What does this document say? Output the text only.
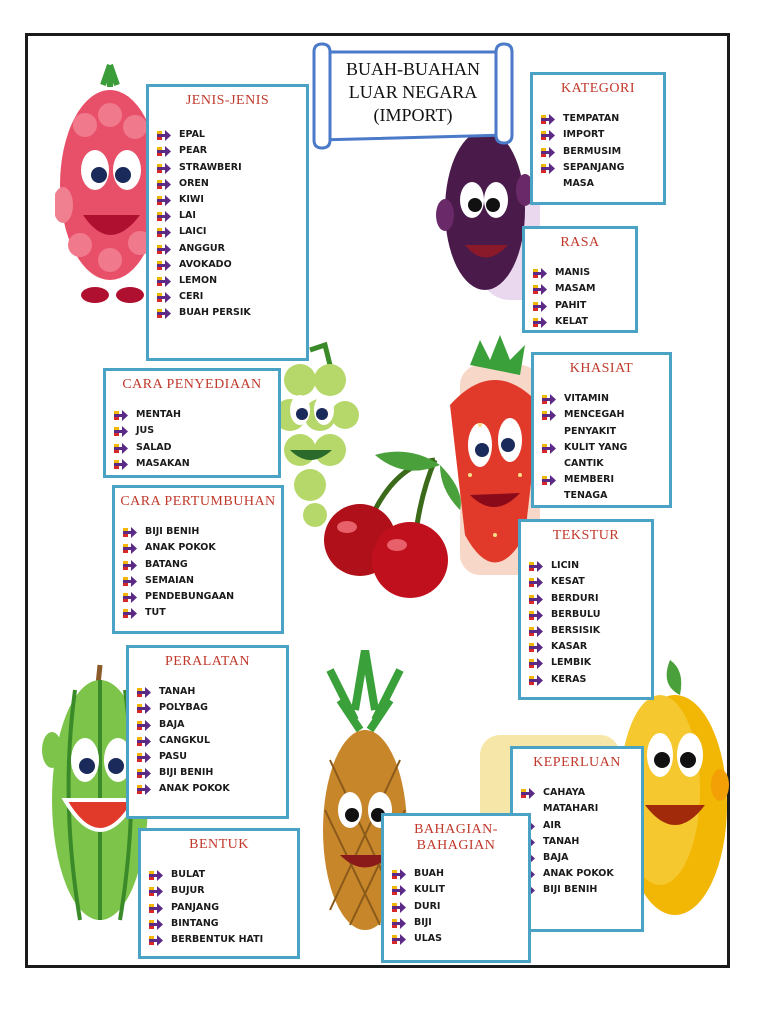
BUAH-BUAHAN
LUAR NEGARA
(IMPORT)
JENIS-JENIS
EPAL
PEAR
STRAWBERI
OREN
KIWI
LAI
LAICI
ANGGUR
AVOKADO
LEMON
CERI
BUAH PERSIK
KATEGORI
TEMPATAN
IMPORT
BERMUSIM
SEPANJANG
MASA
RASA
MANIS
MASAM
PAHIT
KELAT
CARA PENYEDIAAN
MENTAH
JUS
SALAD
MASAKAN
KHASIAT
VITAMIN
MENCEGAH
PENYAKIT
KULIT YANG
CANTIK
MEMBERI
TENAGA
CARA PERTUMBUHAN
BIJI BENIH
ANAK POKOK
BATANG
SEMAIAN
PENDEBUNGAAN
TUT
TEKSTUR
LICIN
KESAT
BERDURI
BERBULU
BERSISIK
KASAR
LEMBIK
KERAS
PERALATAN
TANAH
POLYBAG
BAJA
CANGKUL
PASU
BIJI BENIH
ANAK POKOK
KEPERLUAN
CAHAYA
MATAHARI
AIR
TANAH
BAJA
ANAK POKOK
BIJI BENIH
BENTUK
BULAT
BUJUR
PANJANG
BINTANG
BERBENTUK HATI
BAHAGIAN-
BAHAGIAN
BUAH
KULIT
DURI
BIJI
ULAS
